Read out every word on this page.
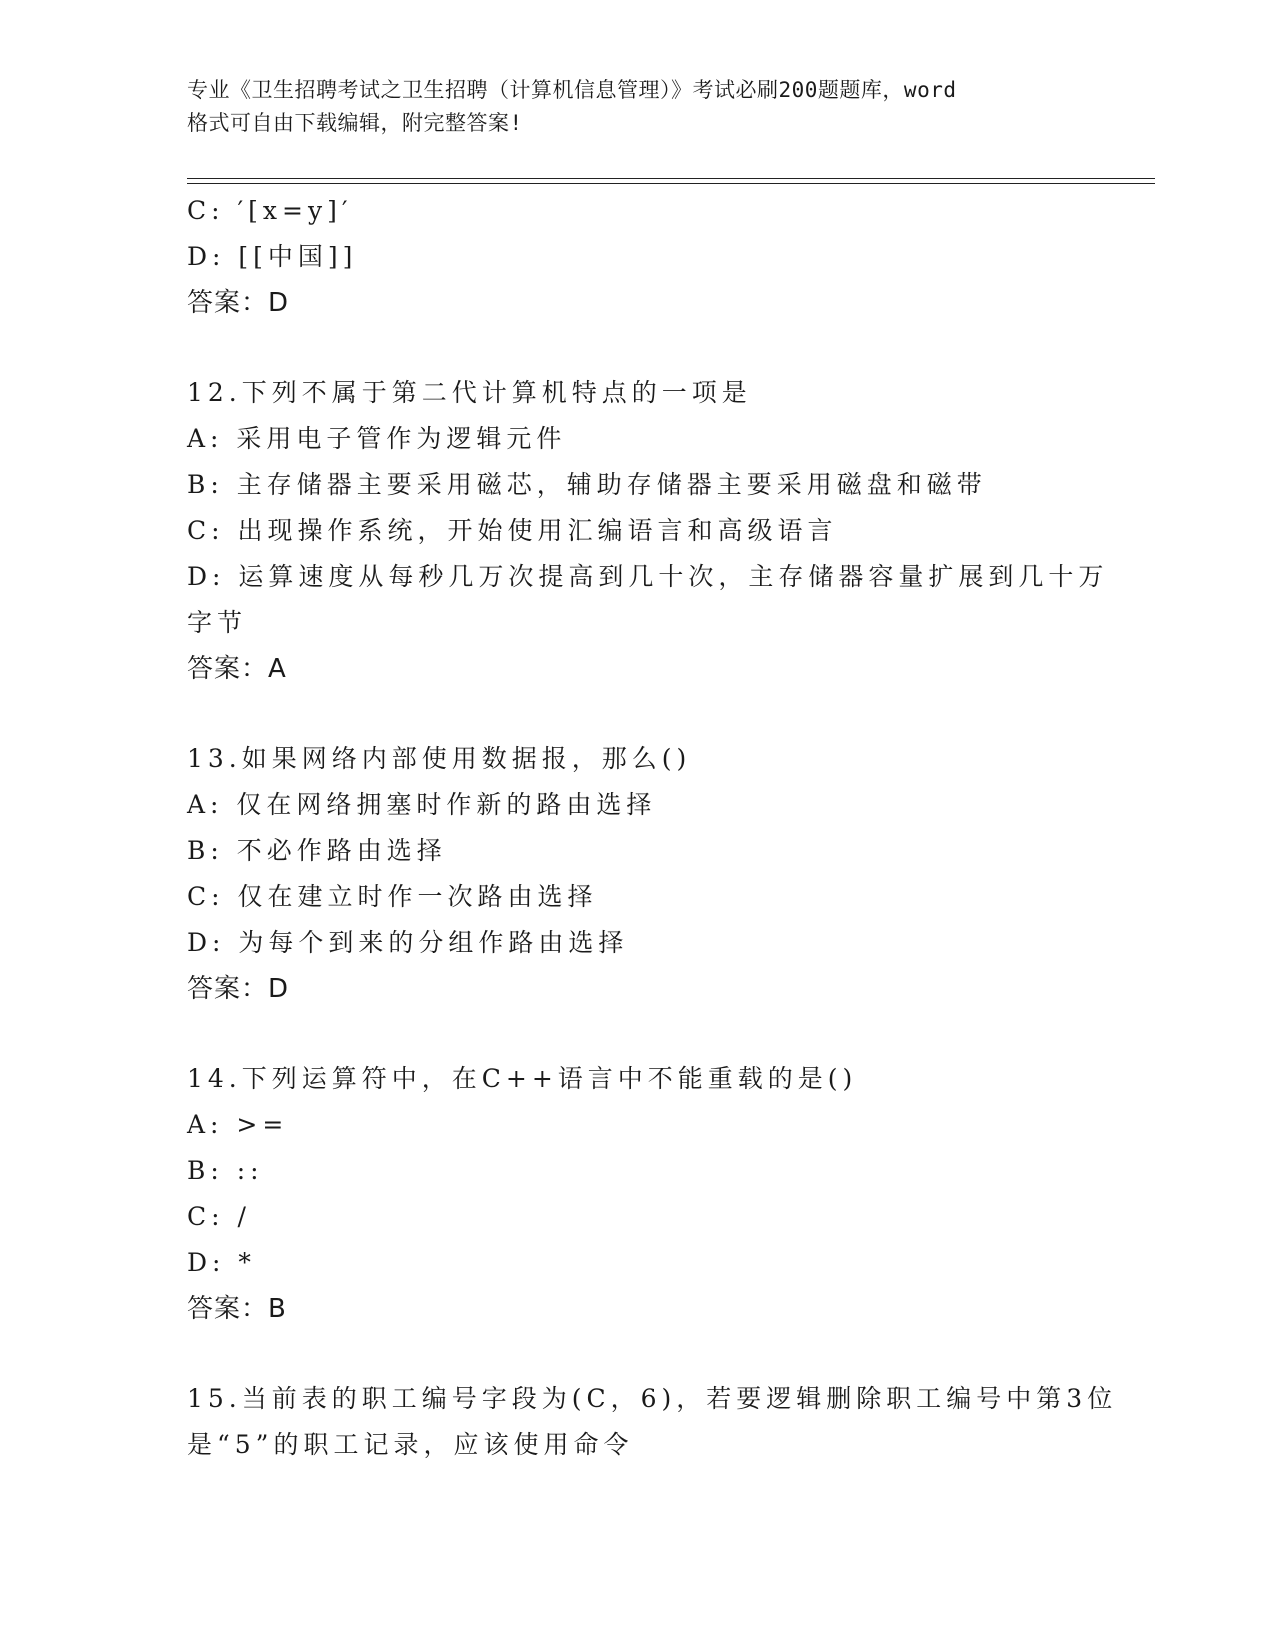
专业《卫生招聘考试之卫生招聘（计算机信息管理）》考试必刷200题题库，word
格式可自由下载编辑，附完整答案!
C: ′[x=y]′
D: [[中国]]
答案：D
12.下列不属于第二代计算机特点的一项是
A: 采用电子管作为逻辑元件
B: 主存储器主要采用磁芯，辅助存储器主要采用磁盘和磁带
C: 出现操作系统，开始使用汇编语言和高级语言
D: 运算速度从每秒几万次提高到几十次，主存储器容量扩展到几十万
字节
答案：A
13.如果网络内部使用数据报，那么()
A: 仅在网络拥塞时作新的路由选择
B: 不必作路由选择
C: 仅在建立时作一次路由选择
D: 为每个到来的分组作路由选择
答案：D
14.下列运算符中，在C++语言中不能重载的是()
A: >=
B: ::
C: /
D: *
答案：B
15.当前表的职工编号字段为(C，6)，若要逻辑删除职工编号中第3位
是“5”的职工记录，应该使用命令
